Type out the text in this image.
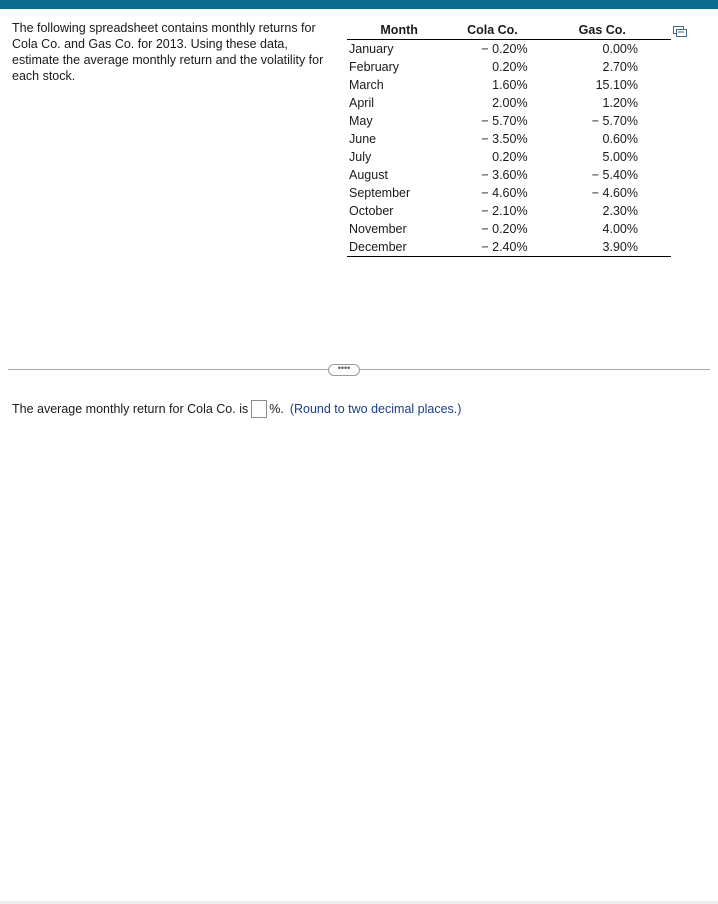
The following spreadsheet contains monthly returns for Cola Co. and Gas Co. for 2013. Using these data, estimate the average monthly return and the volatility for each stock.
Month	Cola Co.	Gas Co.
January	− 0.20%	0.00%
February	0.20%	2.70%
March	1.60%	15.10%
April	2.00%	1.20%
May	− 5.70%	− 5.70%
June	− 3.50%	0.60%
July	0.20%	5.00%
August	− 3.60%	− 5.40%
September	− 4.60%	− 4.60%
October	− 2.10%	2.30%
November	− 0.20%	4.00%
December	− 2.40%	3.90%
••••
The average monthly return for Cola Co. is %. (Round to two decimal places.)
